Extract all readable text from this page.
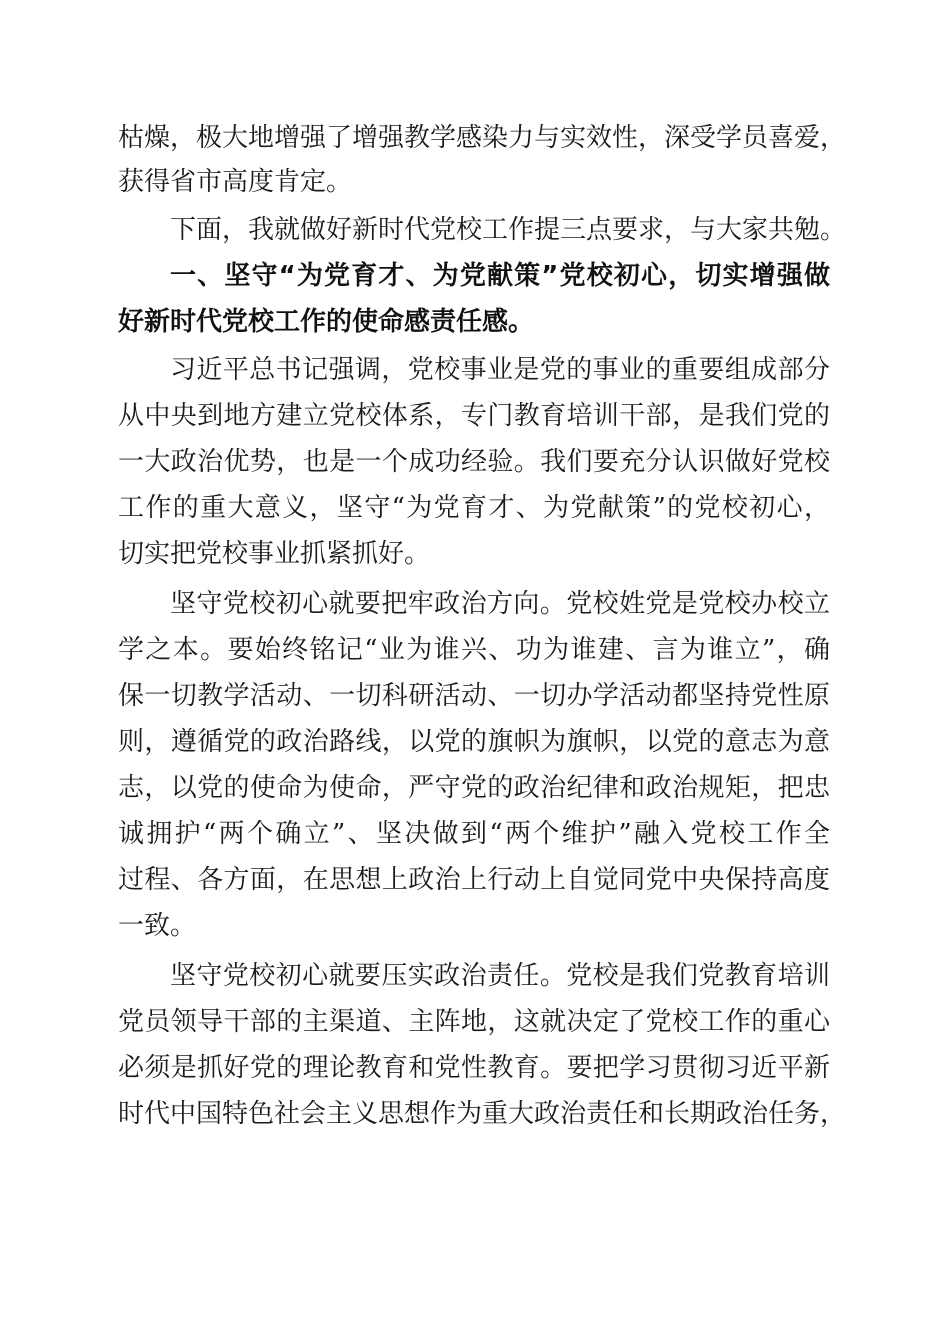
枯燥，极大地增强了增强教学感染力与实效性，深受学员喜爱，
获得省市高度肯定。
下面，我就做好新时代党校工作提三点要求，与大家共勉。
一、坚守“为党育才、为党献策”党校初心，切实增强做
好新时代党校工作的使命感责任感。
习近平总书记强调，党校事业是党的事业的重要组成部分
从中央到地方建立党校体系，专门教育培训干部，是我们党的
一大政治优势，也是一个成功经验。我们要充分认识做好党校
工作的重大意义，坚守“为党育才、为党献策”的党校初心，
切实把党校事业抓紧抓好。
坚守党校初心就要把牢政治方向。党校姓党是党校办校立
学之本。要始终铭记“业为谁兴、功为谁建、言为谁立”，确
保一切教学活动、一切科研活动、一切办学活动都坚持党性原
则，遵循党的政治路线，以党的旗帜为旗帜，以党的意志为意
志，以党的使命为使命，严守党的政治纪律和政治规矩，把忠
诚拥护“两个确立”、坚决做到“两个维护”融入党校工作全
过程、各方面，在思想上政治上行动上自觉同党中央保持高度
一致。
坚守党校初心就要压实政治责任。党校是我们党教育培训
党员领导干部的主渠道、主阵地，这就决定了党校工作的重心
必须是抓好党的理论教育和党性教育。要把学习贯彻习近平新
时代中国特色社会主义思想作为重大政治责任和长期政治任务，
